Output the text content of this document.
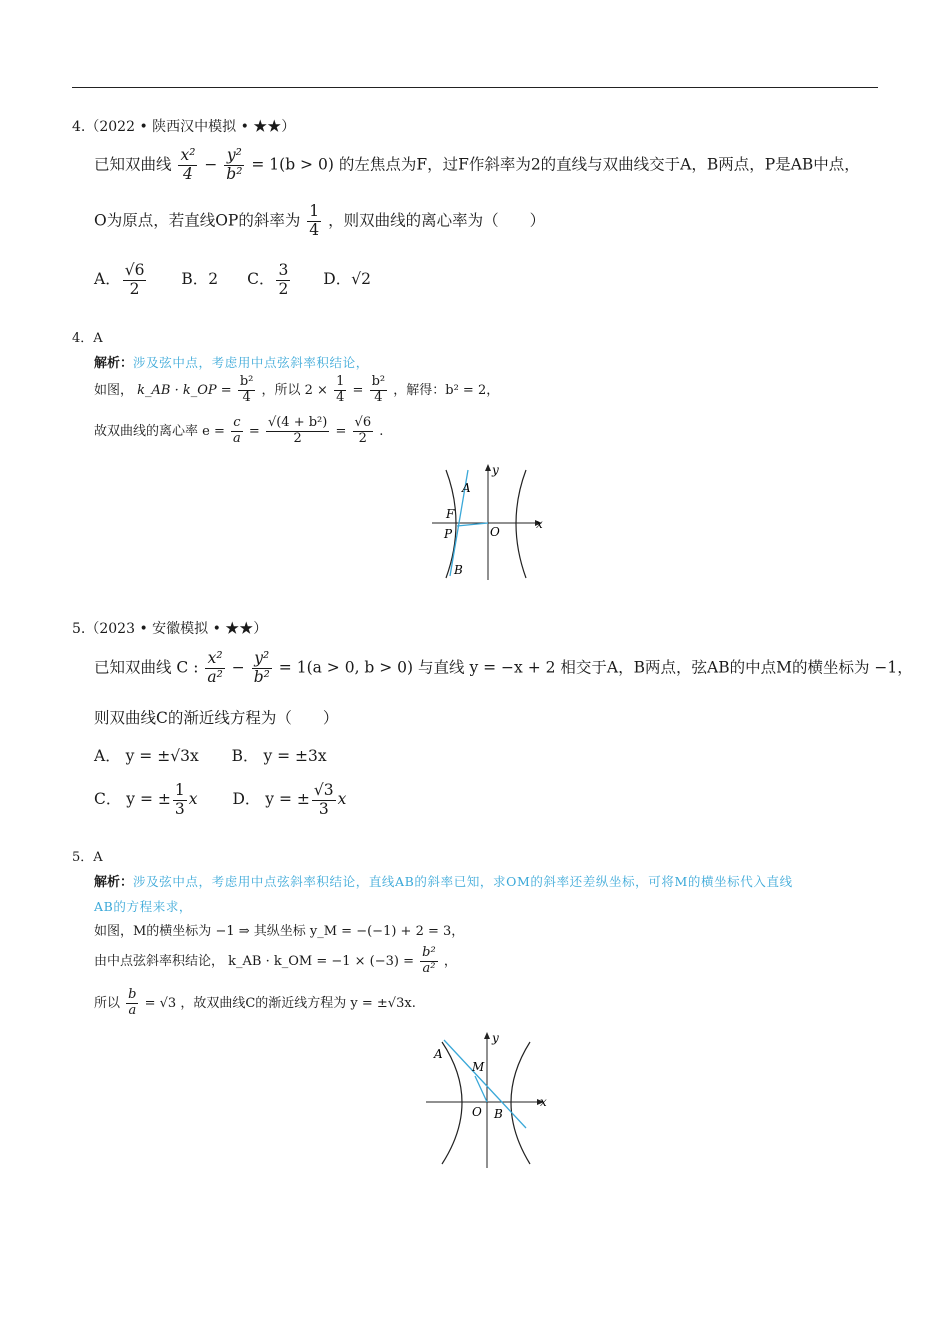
4.（2022 • 陕西汉中模拟 • ★★）
已知双曲线 $\frac{\text{x²}}{4} - \frac{\text{y²}}{\text{b²}} = 1(b > 0)$ 的左焦点为F，过F作斜率为2的直线与双曲线交于A，B两点，P是AB中点，
O为原点，若直线OP的斜率为 $\frac{1}{4}$ ，则双曲线的离心率为（　　）
A． $\frac{√6}{2}$ B．2 C． $\frac{3}{2}$ D．√2
4．A
解析：涉及弦中点，考虑用中点弦斜率积结论，
如图， k_AB · k_OP = $\frac{\text{b²}}{4}$ ，所以 $2 \times \frac{1}{4} = \frac{\text{b²}}{4}$ ，解得：b² = 2，
故双曲线的离心率 $e = \frac{c}{a} = \frac{\text{√(4 + b²)}}{2} = \frac{√6}{2}$ .
y
x
A
F
P	O
B
5.（2023 • 安徽模拟 • ★★）
已知双曲线 C : $\frac{\text{x²}}{\text{a²}} - \frac{\text{y²}}{\text{b²}} = 1(a > 0$, b > 0) 与直线 y = −x + 2 相交于A，B两点，弦AB的中点M的横坐标为 −1，
则双曲线C的渐近线方程为（　　）
A． y = ±√3x B． y = ±3x
C． y = ± $\frac{1}{3}$ x D． y = ± $\frac{√3}{3}$ x
5．A
解析：涉及弦中点，考虑用中点弦斜率积结论，直线AB的斜率已知，求OM的斜率还差纵坐标，可将M的横坐标代入直线
AB的方程来求，
如图，M的横坐标为 −1 ⇒ 其纵坐标 y_M = −(−1) + 2 = 3，
由中点弦斜率积结论， k_AB · k_OM = $-1 \times (-3) = \frac{\text{b²}}{\text{a²}}$ ，
所以 $\frac{b}{a} = √3$ ，故双曲线C的渐近线方程为 y = ±√3x.
y
x
A
M
O B
